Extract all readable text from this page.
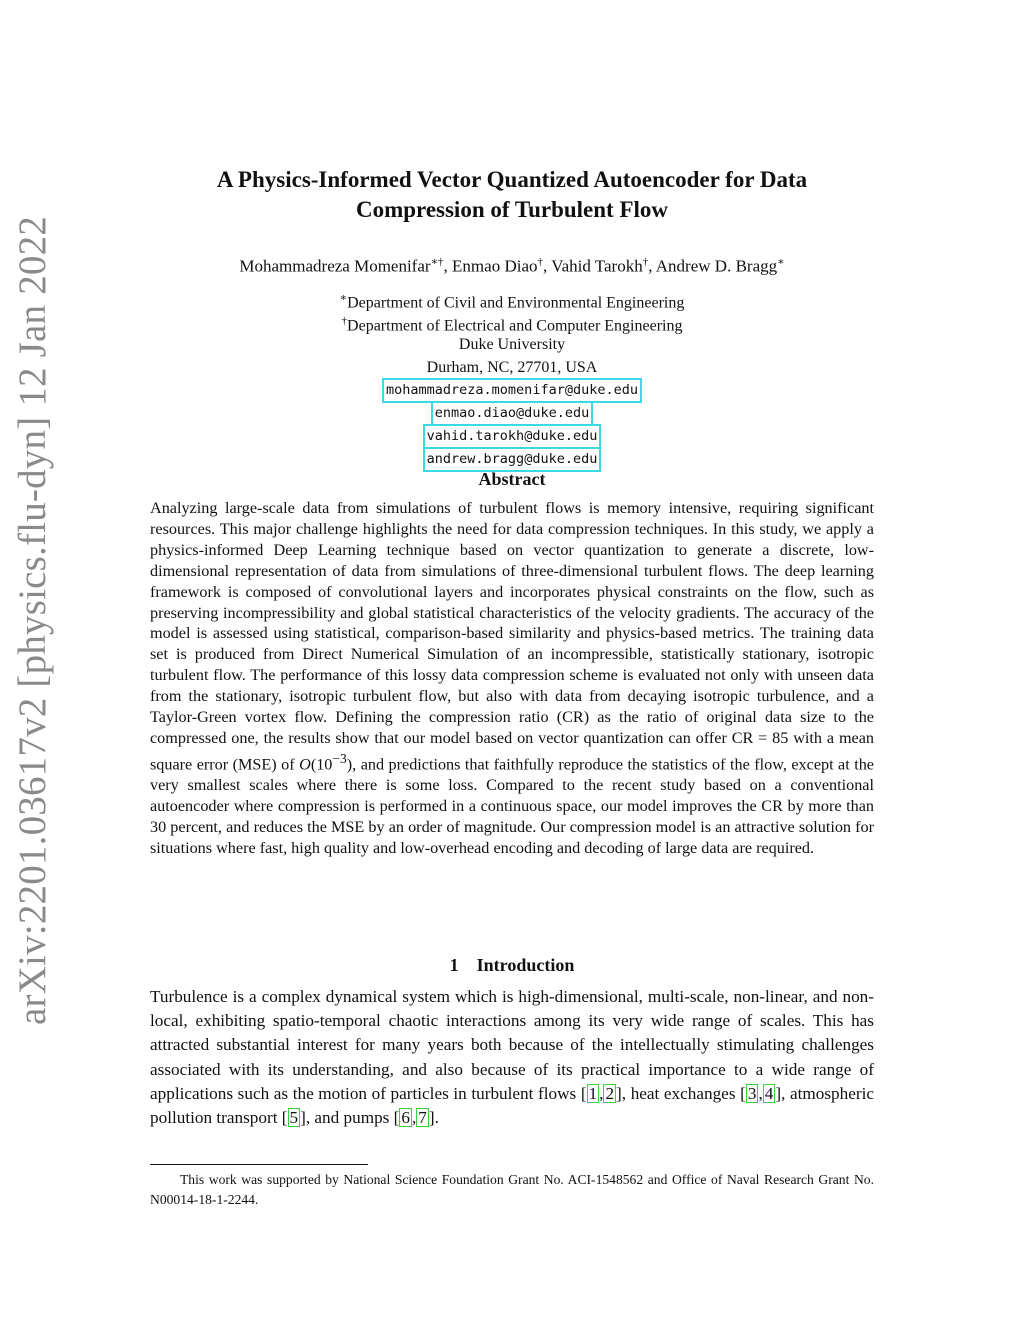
arXiv:2201.03617v2 [physics.flu-dyn] 12 Jan 2022
A Physics-Informed Vector Quantized Autoencoder for Data
Compression of Turbulent Flow
Mohammadreza Momenifar∗†, Enmao Diao†, Vahid Tarokh†, Andrew D. Bragg∗
∗Department of Civil and Environmental Engineering
†Department of Electrical and Computer Engineering
Duke University
Durham, NC, 27701, USA
mohammadreza.momenifar@duke.edu
enmao.diao@duke.edu
vahid.tarokh@duke.edu
andrew.bragg@duke.edu
Abstract
Analyzing large-scale data from simulations of turbulent flows is memory intensive, requiring significant resources. This major challenge highlights the need for data compression techniques. In this study, we apply a physics-informed Deep Learning technique based on vector quantization to generate a discrete, low-dimensional representation of data from simulations of three-dimensional turbulent flows. The deep learning framework is composed of convolutional layers and incorporates physical constraints on the flow, such as preserving incompressibility and global statistical characteristics of the velocity gradients. The accuracy of the model is assessed using statistical, comparison-based similarity and physics-based metrics. The training data set is produced from Direct Numerical Simulation of an incompressible, statistically stationary, isotropic turbulent flow. The performance of this lossy data compression scheme is evaluated not only with unseen data from the stationary, isotropic turbulent flow, but also with data from decaying isotropic turbulence, and a Taylor-Green vortex flow. Defining the compression ratio (CR) as the ratio of original data size to the compressed one, the results show that our model based on vector quantization can offer CR = 85 with a mean square error (MSE) of $O(10^{-3})$, and predictions that faithfully reproduce the statistics of the flow, except at the very smallest scales where there is some loss. Compared to the recent study based on a conventional autoencoder where compression is performed in a continuous space, our model improves the CR by more than 30 percent, and reduces the MSE by an order of magnitude. Our compression model is an attractive solution for situations where fast, high quality and low-overhead encoding and decoding of large data are required.
1 Introduction
Turbulence is a complex dynamical system which is high-dimensional, multi-scale, non-linear, and non-local, exhibiting spatio-temporal chaotic interactions among its very wide range of scales. This has attracted substantial interest for many years both because of the intellectually stimulating challenges associated with its understanding, and also because of its practical importance to a wide range of applications such as the motion of particles in turbulent flows [ 1 , 2 ], heat exchanges [ 3 , 4 ], atmospheric pollution transport [ 5 ], and pumps [ 6 , 7 ].
This work was supported by National Science Foundation Grant No. ACI-1548562 and Office of Naval Research Grant No. N00014-18-1-2244.
